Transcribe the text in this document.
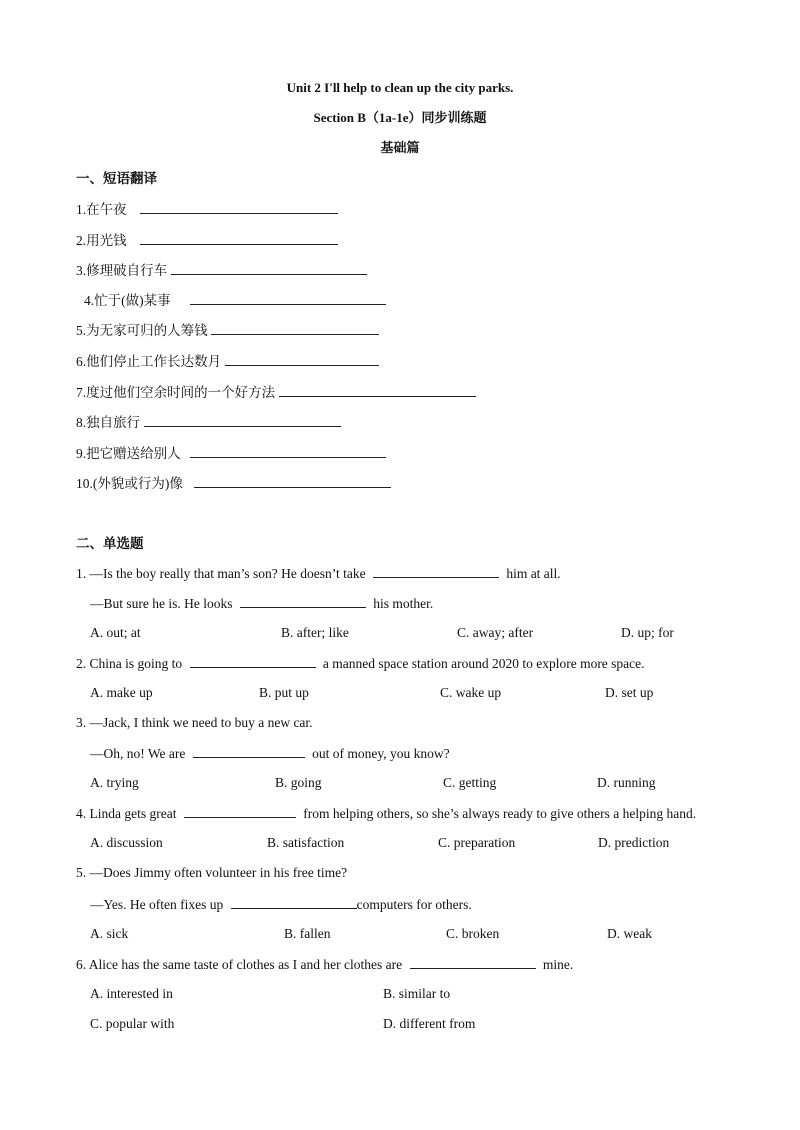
Unit 2 I'll help to clean up the city parks.
Section B（1a-1e）同步训练题
基础篇
一、短语翻译
1.在午夜
2.用光钱
3.修理破自行车
4.忙于(做)某事
5.为无家可归的人筹钱
6.他们停止工作长达数月
7.度过他们空余时间的一个好方法
8.独自旅行
9.把它赠送给别人
10.(外貌或行为)像
二、单选题
1. —Is the boy really that man’s son? He doesn’t take	him at all.
—But sure he is. He looks	his mother.
A. out; at	B. after; like	C. away; after	D. up; for
2. China is going to	a manned space station around 2020 to explore more space.
A. make up	B. put up	C. wake up	D. set up
3. —Jack, I think we need to buy a new car.
—Oh, no! We are	out of money, you know?
A. trying	B. going	C. getting	D. running
4. Linda gets great	from helping others, so she’s always ready to give others a helping hand.
A. discussion	B. satisfaction	C. preparation	D. prediction
5. —Does Jimmy often volunteer in his free time?
—Yes. He often fixes up	computers for others.
A. sick	B. fallen	C. broken	D. weak
6. Alice has the same taste of clothes as I and her clothes are	mine.
A. interested in	B. similar to
C. popular with	D. different from
